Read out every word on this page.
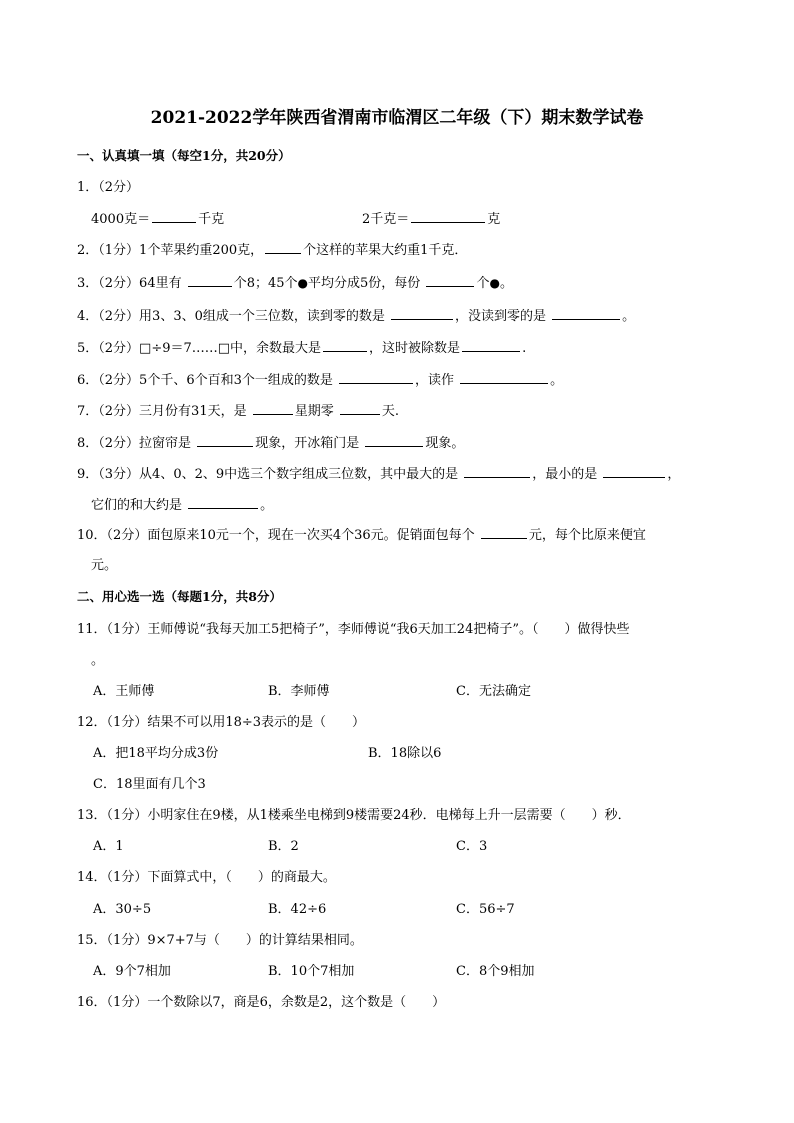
2021-2022学年陕西省渭南市临渭区二年级（下）期末数学试卷
一、认真填一填（每空1分，共20分）
1．（2分）
4000克＝	千克	2千克＝	克
2．（1分）1个苹果约重200克，	个这样的苹果大约重1千克．
3．（2分）64里有	个8；45个●平均分成5份，每份	个●。
4．（2分）用3、3、0组成一个三位数，读到零的数是	，没读到零的是	。
5．（2分）□÷9＝7……□中，余数最大是	，这时被除数是	.
6．（2分）5个千、6个百和3个一组成的数是	，读作	。
7．（2分）三月份有31天，是	星期零	天.
8．（2分）拉窗帘是	现象，开冰箱门是	现象。
9．（3分）从4、0、2、9中选三个数字组成三位数，其中最大的是	，最小的是	，
它们的和大约是	。
10．（2分）面包原来10元一个，现在一次买4个36元。促销面包每个	元，每个比原来便宜
元。
二、用心选一选（每题1分，共8分）
11．（1分）王师傅说“我每天加工5把椅子”，李师傅说“我6天加工24把椅子”。（　　）做得快些
。
A．王师傅	B．李师傅	C．无法确定
12．（1分）结果不可以用18÷3表示的是（　　）
A．把18平均分成3份	B．18除以6
C．18里面有几个3
13．（1分）小明家住在9楼，从1楼乘坐电梯到9楼需要24秒．电梯每上升一层需要（　　）秒．
A．1	B．2	C．3
14．（1分）下面算式中，（　　）的商最大。
A．30÷5	B．42÷6	C．56÷7
15．（1分）9×7+7与（　　）的计算结果相同。
A．9个7相加	B．10个7相加	C．8个9相加
16．（1分）一个数除以7，商是6，余数是2，这个数是（　　）
